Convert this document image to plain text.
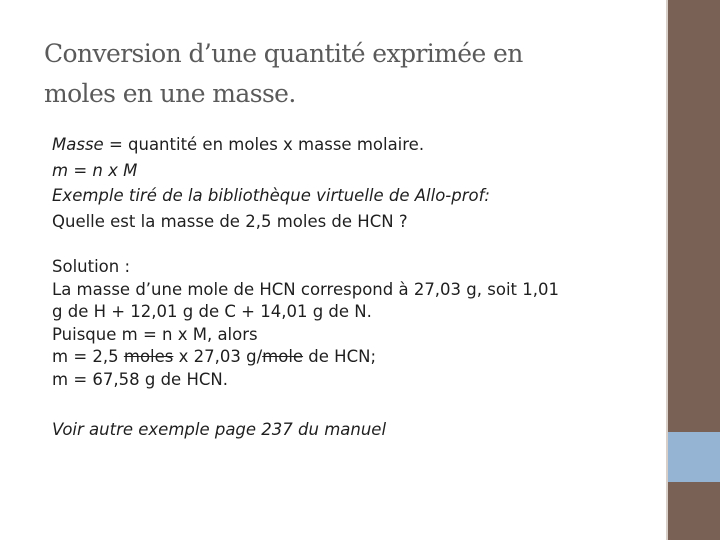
Conversion d’une quantité exprimée en
moles en une masse.
Masse = quantité en moles x masse molaire.
m = n x M
Exemple tiré de la bibliothèque virtuelle de Allo-prof:
Quelle est la masse de 2,5 moles de HCN ?
Solution :
La masse d’une mole de HCN correspond à 27,03 g, soit 1,01
g de H + 12,01 g de C + 14,01 g de N.
Puisque m = n x M, alors
m = 2,5 moles x 27,03 g/mole de HCN;
m = 67,58 g de HCN.
Voir autre exemple page 237 du manuel
